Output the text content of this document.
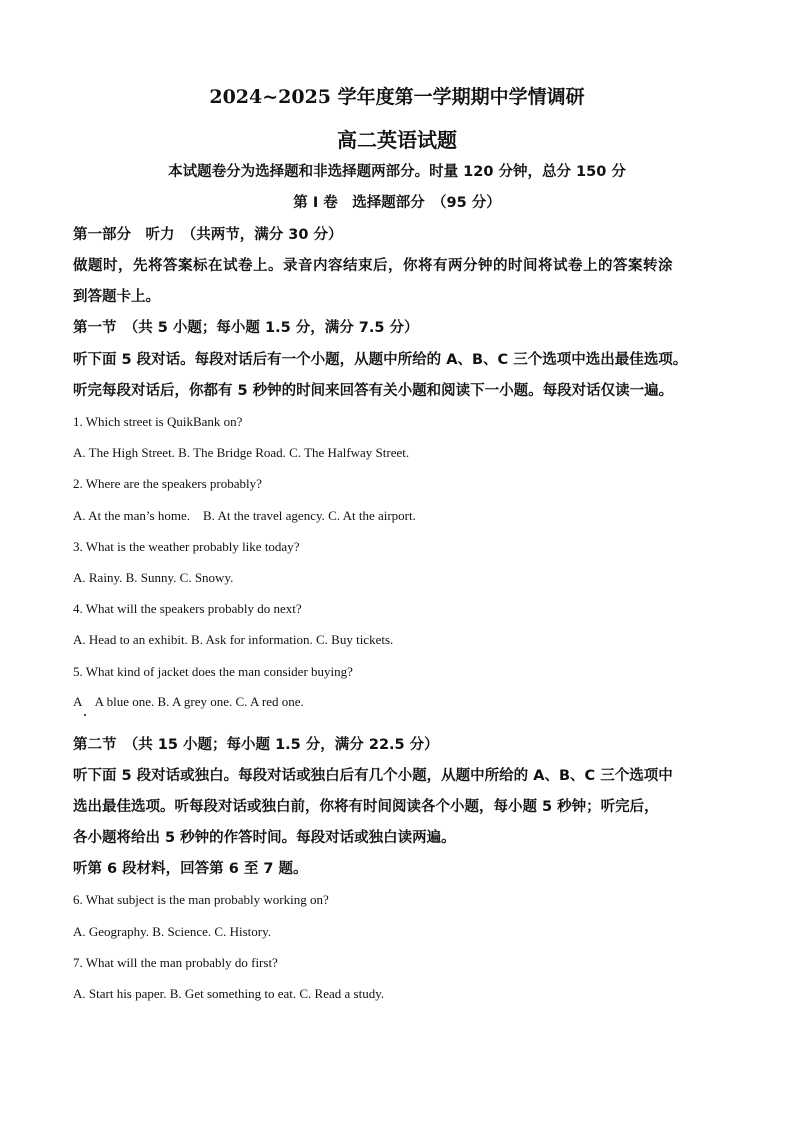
2024~2025 学年度第一学期期中学情调研
高二英语试题
本试题卷分为选择题和非选择题两部分。时量 120 分钟，总分 150 分
第 I 卷　选择题部分　（95 分）
第一部分　听力　（共两节，满分 30 分）
做题时，先将答案标在试卷上。录音内容结束后，你将有两分钟的时间将试卷上的答案转涂
到答题卡上。
第一节　（共 5 小题；每小题 1.5 分，满分 7.5 分）
听下面 5 段对话。每段对话后有一个小题，从题中所给的 A、B、C 三个选项中选出最佳选项。
听完每段对话后，你都有 5 秒钟的时间来回答有关小题和阅读下一小题。每段对话仅读一遍。
1. Which street is QuikBank on?
A. The High Street. B. The Bridge Road. C. The Halfway Street.
2. Where are the speakers probably?
A. At the man’s home.　B. At the travel agency. C. At the airport.
3. What is the weather probably like today?
A. Rainy. B. Sunny. C. Snowy.
4. What will the speakers probably do next?
A. Head to an exhibit. B. Ask for information. C. Buy tickets.
5. What kind of jacket does the man consider buying?
A　A blue one. B. A grey one. C. A red one.
第二节　（共 15 小题；每小题 1.5 分，满分 22.5 分）
听下面 5 段对话或独白。每段对话或独白后有几个小题，从题中所给的 A、B、C 三个选项中
选出最佳选项。听每段对话或独白前，你将有时间阅读各个小题，每小题 5 秒钟；听完后，
各小题将给出 5 秒钟的作答时间。每段对话或独白读两遍。
听第 6 段材料，回答第 6 至 7 题。
6. What subject is the man probably working on?
A. Geography. B. Science. C. History.
7. What will the man probably do first?
A. Start his paper. B. Get something to eat. C. Read a study.
